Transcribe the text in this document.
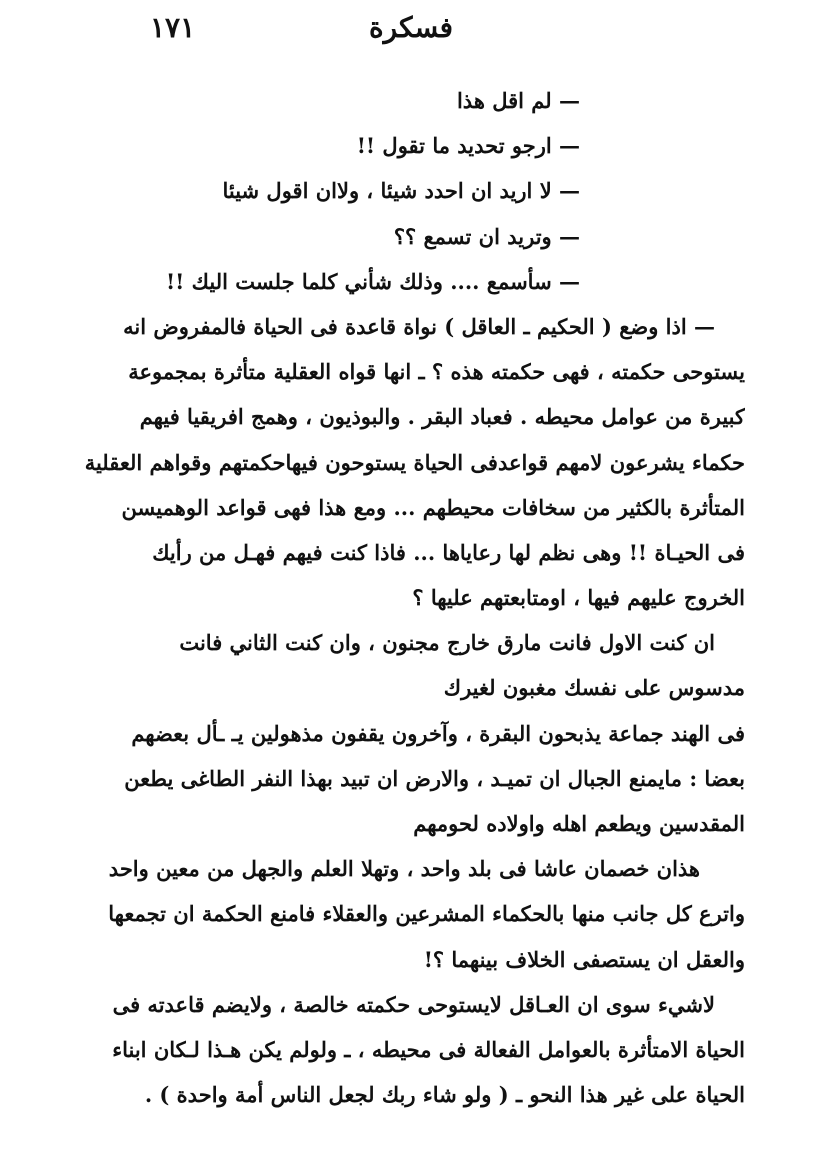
فسكرة
١٧١
— لم اقل هذا
— ارجو تحديد ما تقول !!
— لا اريد ان احدد شيئا ، ولاان اقول شيئا
— وتريد ان تسمع ؟؟
— سأسمع .... وذلك شأني كلما جلست اليك !!
— اذا وضع ( الحكيم ـ العاقل ) نواة قاعدة فى الحياة فالمفروض انه
يستوحى حكمته ، فهى حكمته هذه ؟ ـ انها قواه العقلية متأثرة بمجموعة
كبيرة من عوامل محيطه . فعباد البقر . والبوذيون ، وهمج افريقيا فيهم
حكماء يشرعون لامهم قواعدفى الحياة يستوحون فيهاحكمتهم وقواهم العقلية
المتأثرة بالكثير من سخافات محيطهم ... ومع هذا فهى قواعد الوهميسن
فى الحيـاة !! وهى نظم لها رعاياها ... فاذا كنت فيهم فهـل من رأيك
الخروج عليهم فيها ، اومتابعتهم عليها ؟
ان كنت الاول فانت مارق خارج مجنون ، وان كنت الثاني فانت
مدسوس على نفسك مغبون لغيرك
فى الهند جماعة يذبحون البقرة ، وآخرون يقفون مذهولين يـ ـأل بعضهم
بعضا : مايمنع الجبال ان تميـد ، والارض ان تبيد بهذا النفر الطاغى يطعن
المقدسين ويطعم اهله واولاده لحومهم
هذان خصمان عاشا فى بلد واحد ، وتهلا العلم والجهل من معين واحد
واترع كل جانب منها بالحكماء المشرعين والعقلاء فامنع الحكمة ان تجمعها
والعقل ان يستصفى الخلاف بينهما ؟!
لاشيء سوى ان العـاقل لايستوحى حكمته خالصة ، ولايضم قاعدته فى
الحياة الامتأثرة بالعوامل الفعالة فى محيطه ، ـ ولولم يكن هـذا لـكان ابناء
الحياة على غير هذا النحو ـ ( ولو شاء ربك لجعل الناس أمة واحدة ) .
